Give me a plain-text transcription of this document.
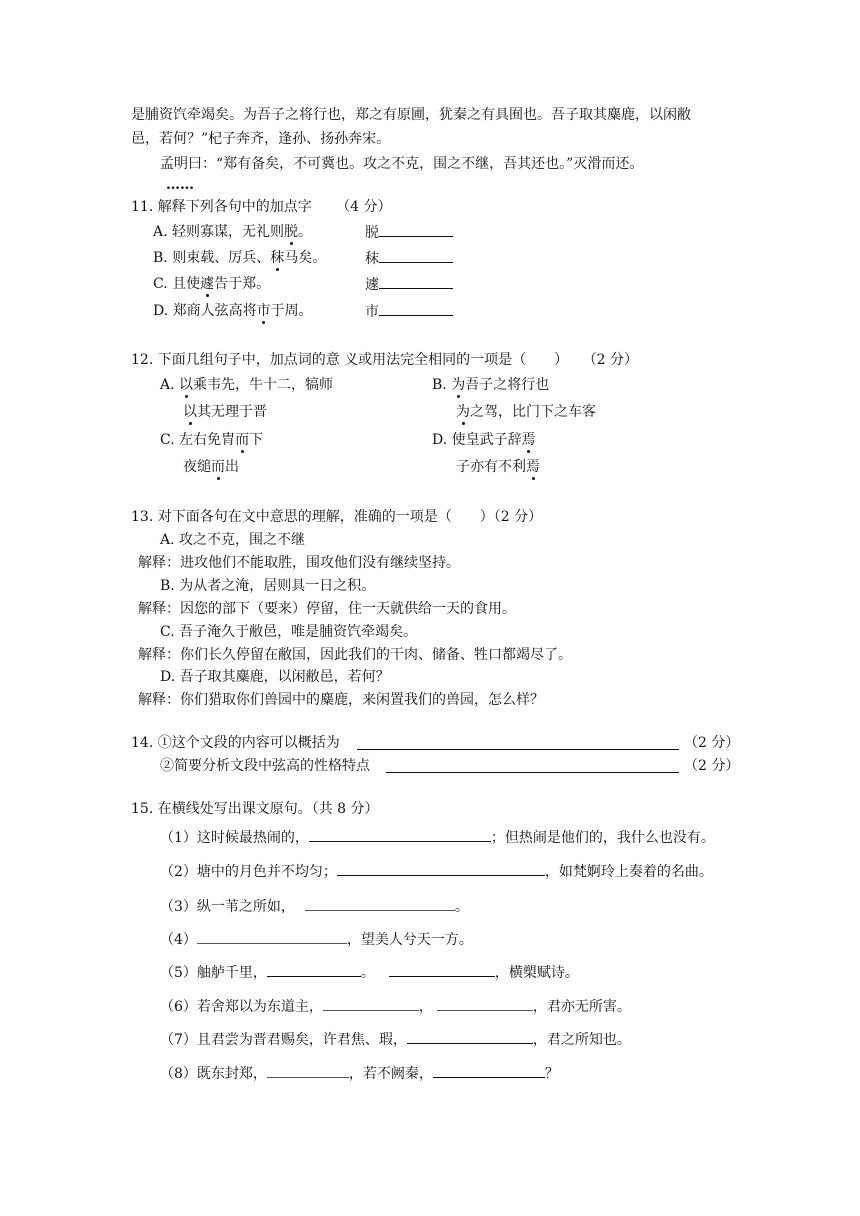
是脯资饩牵竭矣。为吾子之将行也，郑之有原圃，犹秦之有具囿也。吾子取其麋鹿，以闲敝
邑，若何？”杞子奔齐，逢孙、扬孙奔宋。
孟明曰：“郑有备矣，不可冀也。攻之不克，围之不继，吾其还也。”灭滑而还。
……
11. 解释下列各句中的加点字 （4 分）
A. 轻则寡谋，无礼则脱。	脱
B. 则束载、厉兵、秣马矣。	秣
C. 且使遽告于郑。	遽
D. 郑商人弦高将市于周。	市
12. 下面几组句子中，加点词的意 义或用法完全相同的一项是（　　） （2 分）
A. 以乘韦先，牛十二，犒师
以其无理于晋
B. 为吾子之将行也
为之驾，比门下之车客
C. 左右免胄而下
夜缒而出
D. 使皇武子辞焉
子亦有不利焉
13. 对下面各句在文中意思的理解，准确的一项是（　　）（2 分）
A. 攻之不克，围之不继
解释：进攻他们不能取胜，围攻他们没有继续坚持。
B. 为从者之淹，居则具一日之积。
解释：因您的部下（要来）停留，住一天就供给一天的食用。
C. 吾子淹久于敝邑，唯是脯资饩牵竭矣。
解释：你们长久停留在敝国，因此我们的干肉、储备、牲口都竭尽了。
D. 吾子取其麋鹿，以闲敝邑，若何？
解释：你们猎取你们兽园中的麋鹿，来闲置我们的兽园，怎么样？
14. ①这个文段的内容可以概括为	（2 分）
②简要分析文段中弦高的性格特点	（2 分）
15. 在横线处写出课文原句。（共 8 分）
（1）这时候最热闹的，	；但热闹是他们的，我什么也没有。
（2）塘中的月色并不均匀；	，如梵婀玲上奏着的名曲。
（3）纵一苇之所如，	。
（4）	，望美人兮天一方。
（5）舳舻千里，	。	，横槊赋诗。
（6）若舍郑以为东道主，	，	，君亦无所害。
（7）且君尝为晋君赐矣，许君焦、瑕，	，君之所知也。
（8）既东封郑，	，若不阙秦，	？
